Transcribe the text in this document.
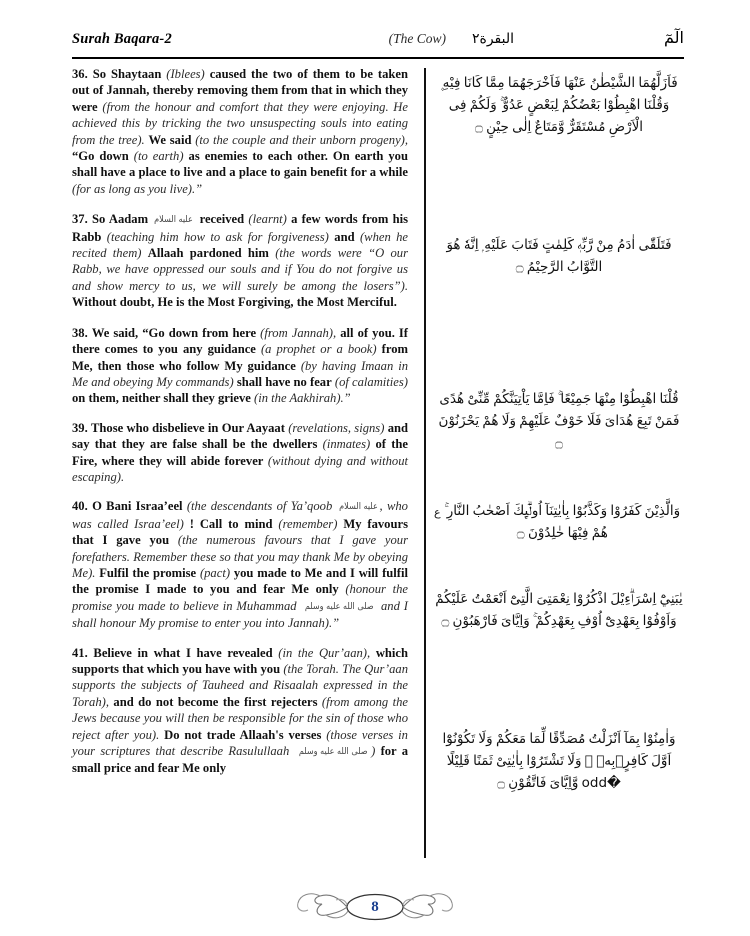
Surah Baqara-2	(The Cow) البقرة٢	الٓمٓ

36. So Shaytaan (Iblees) caused the two of them to be taken out of Jannah, thereby removing them from that in which they were (from the honour and comfort that they were enjoying. He achieved this by tricking the two unsuspecting souls into eating from the tree). We said (to the couple and their unborn progeny), “Go down (to earth) as enemies to each other. On earth you shall have a place to live and a place to gain benefit for a while (for as long as you live).”

37. So Aadam عليه السلام received (learnt) a few words from his Rabb (teaching him how to ask for forgiveness) and (when he recited them) Allaah pardoned him (the words were “O our Rabb, we have oppressed our souls and if You do not forgive us and show mercy to us, we will surely be among the losers”). Without doubt, He is the Most Forgiving, the Most Merciful.

38. We said, “Go down from here (from Jannah), all of you. If there comes to you any guidance (a prophet or a book) from Me, then those who follow My guidance (by having Imaan in Me and obeying My commands) shall have no fear (of calamities) on them, neither shall they grieve (in the Aakhirah).”

39. Those who disbelieve in Our Aayaat (revelations, signs) and say that they are false shall be the dwellers (inmates) of the Fire, where they will abide forever (without dying and without escaping).

40. O Bani Israa’eel (the descendants of Ya’qoob عليه السلام , who was called Israa’eel) ! Call to mind (remember) My favours that I gave you (the numerous favours that I gave your forefathers. Remember these so that you may thank Me by obeying Me). Fulfil the promise (pact) you made to Me and I will fulfil the promise I made to you and fear Me only (honour the promise you made to believe in Muhammad صلى الله عليه وسلم and I shall honour My promise to enter you into Jannah).”

41. Believe in what I have revealed (in the Qur’aan), which supports that which you have with you (the Torah. The Qur’aan supports the subjects of Tauheed and Risaalah expressed in the Torah), and do not become the first rejecters (from among the Jews because you will then be responsible for the sin of those who reject after you). Do not trade Allaah's verses (those verses in your scriptures that describe Rasulullaah صلى الله عليه وسلم ) for a small price and fear Me only

فَاَزَلَّهُمَا الشَّيْطٰنُ عَنْهَا فَاَخْرَجَهُمَا مِمَّا كَانَا فِيْهِ ۪ وَقُلْنَا اهْبِطُوْا بَعْضُكُمْ لِبَعْضٍ عَدُوٌّ ۚ وَلَكُمْ فِى الْاَرْضِ مُسْتَقَرٌّ وَّمَتَاعٌ اِلٰى حِيْنٍ ۝
فَتَلَقّٰى اٰدَمُ مِنْ رَّبِّهٖ كَلِمٰتٍ فَتَابَ عَلَيْهِ ۭ اِنَّهٗ هُوَ التَّوَّابُ الرَّحِيْمُ ۝
قُلْنَا اهْبِطُوْا مِنْهَا جَمِيْعًا ۚ فَاِمَّا يَاْتِيَنَّكُمْ مِّنِّىْ هُدًى فَمَنْ تَبِعَ هُدَاىَ فَلَا خَوْفٌ عَلَيْهِمْ وَلَا هُمْ يَحْزَنُوْنَ ۝
ع وَالَّذِيْنَ كَفَرُوْا وَكَذَّبُوْا بِاٰيٰتِنَآ اُولٰۗىِٕكَ اَصْحٰبُ النَّارِ ۚ هُمْ فِيْهَا خٰلِدُوْنَ ۝
يٰبَنِيْٓ اِسْرَاۗءِيْلَ اذْكُرُوْا نِعْمَتِىَ الَّتِىْٓ اَنْعَمْتُ عَلَيْكُمْ وَاَوْفُوْا بِعَهْدِىْٓ اُوْفِ بِعَهْدِكُمْ ۚ وَاِيَّاىَ فَارْهَبُوْنِ ۝
وَاٰمِنُوْا بِمَآ اَنْزَلْتُ مُصَدِّقًا لِّمَا مَعَكُمْ وَلَا تَكُوْنُوْٓا اَوَّلَ كَافِرٍؚبِهٖ ۠ وَلَا تَشْتَرُوْا بِاٰيٰتِىْ ثَمَنًا قَلِيْلًا �odd وَّاِيَّاىَ فَاتَّقُوْنِ ۝
8
